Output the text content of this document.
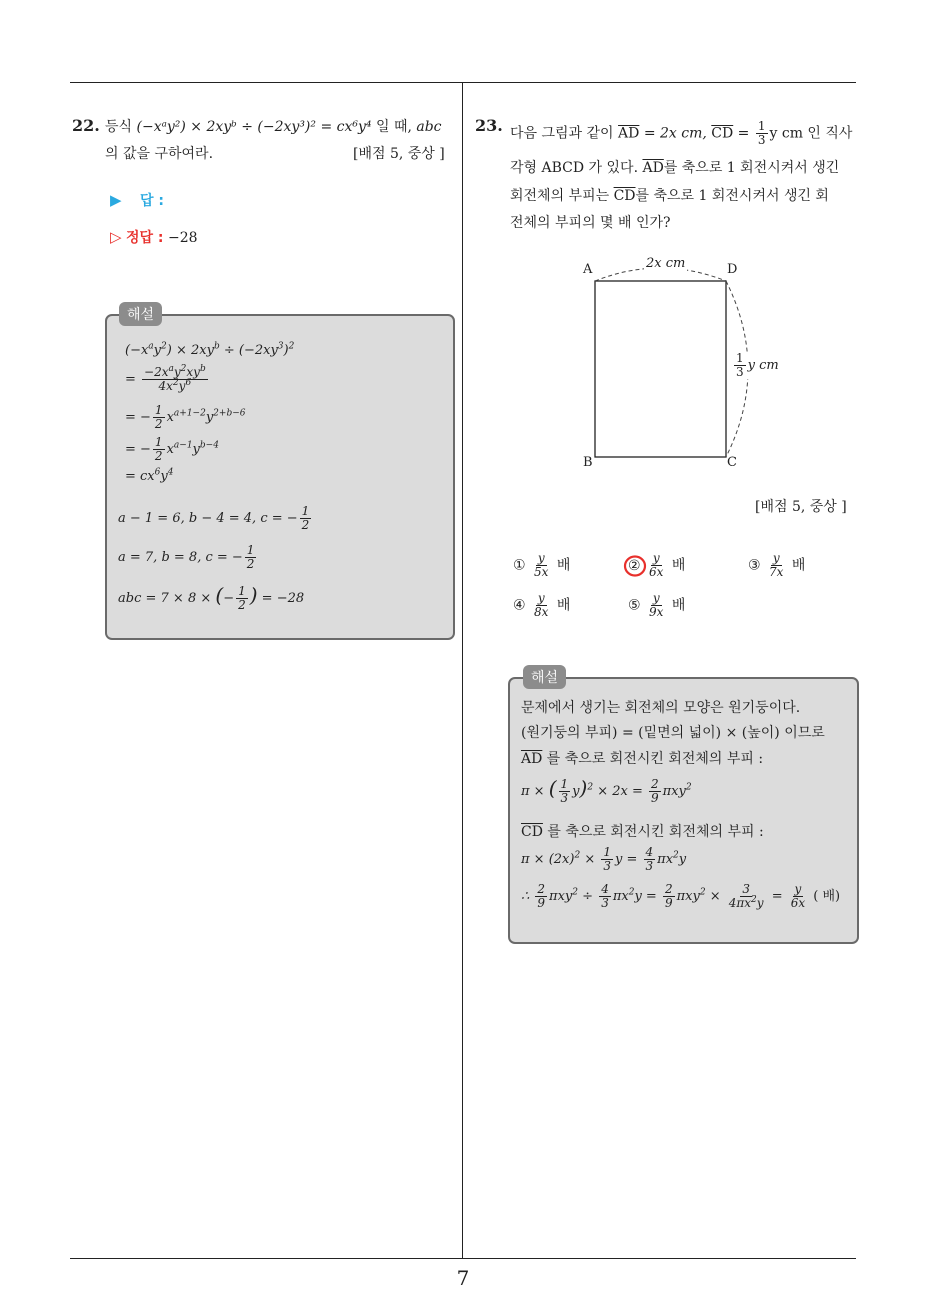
7
22. 등식 (−xᵃy²) × 2xyᵇ ÷ (−2xy³)² = cx⁶y⁴ 일 때, abc
의 값을 구하여라.	[배점 5, 중상 ]
▶ 답 :
▷ 정답 : −28
해설
$(-x^ay^2) \times 2xy^b \div (-2xy^3)^2$
= $\frac{-2x^ay^2xy^b}{4x^2y^6}$
= − $\frac{1}{2} x^{a+1-2}y^{2+b-6}$
= − $\frac{1}{2} x^{a-1}y^{b-4}$
= $cx^6y^4$
a − 1 = 6, b − 4 = 4, c = − $\frac{1}{2}$
a = 7, b = 8, c = − $\frac{1}{2}$
abc = 7 × 8 × (− $\frac{1}{2}$ ) = −28
23. 다음 그림과 같이 $\overline{AD} = 2x$ cm, $\overline{CD} = \frac{1}{3}$ y cm 인 직사
각형 ABCD 가 있다. $\overline{AD}$를 축으로 1 회전시켜서 생긴
회전체의 부피는 $\overline{CD}$를 축으로 1 회전시켜서 생긴 회
전체의 부피의 몇 배 인가?
A	D
B	C
2x cm
$\frac{1}{3}$ y cm
[배점 5, 중상 ]
① $\frac{y}{5x}$ 배	② $\frac{y}{6x}$ 배	③ $\frac{y}{7x}$ 배
④ $\frac{y}{8x}$ 배	⑤ $\frac{y}{9x}$ 배
해설
문제에서 생기는 회전체의 모양은 원기둥이다.
(원기둥의 부피) = (밑면의 넓이) × (높이) 이므로
$\overline{AD}$ 를 축으로 회전시킨 회전체의 부피 :
π × ( $\frac{1}{3} y)^2 \times 2x = \frac{2}{9} \pi xy^2$
$\overline{CD}$ 를 축으로 회전시킨 회전체의 부피 :
$\pi \times (2x)^2 \times \frac{1}{3}$ $y = \frac{4}{3} \pi x^2y$
∴ $\frac{2}{9} \pi xy^2 \div \frac{4}{3} \pi x^2y = \frac{2}{9} \pi xy^2 \times \frac{3}{4\pi x^2y} = \frac{y}{6x}$ ( 배)
